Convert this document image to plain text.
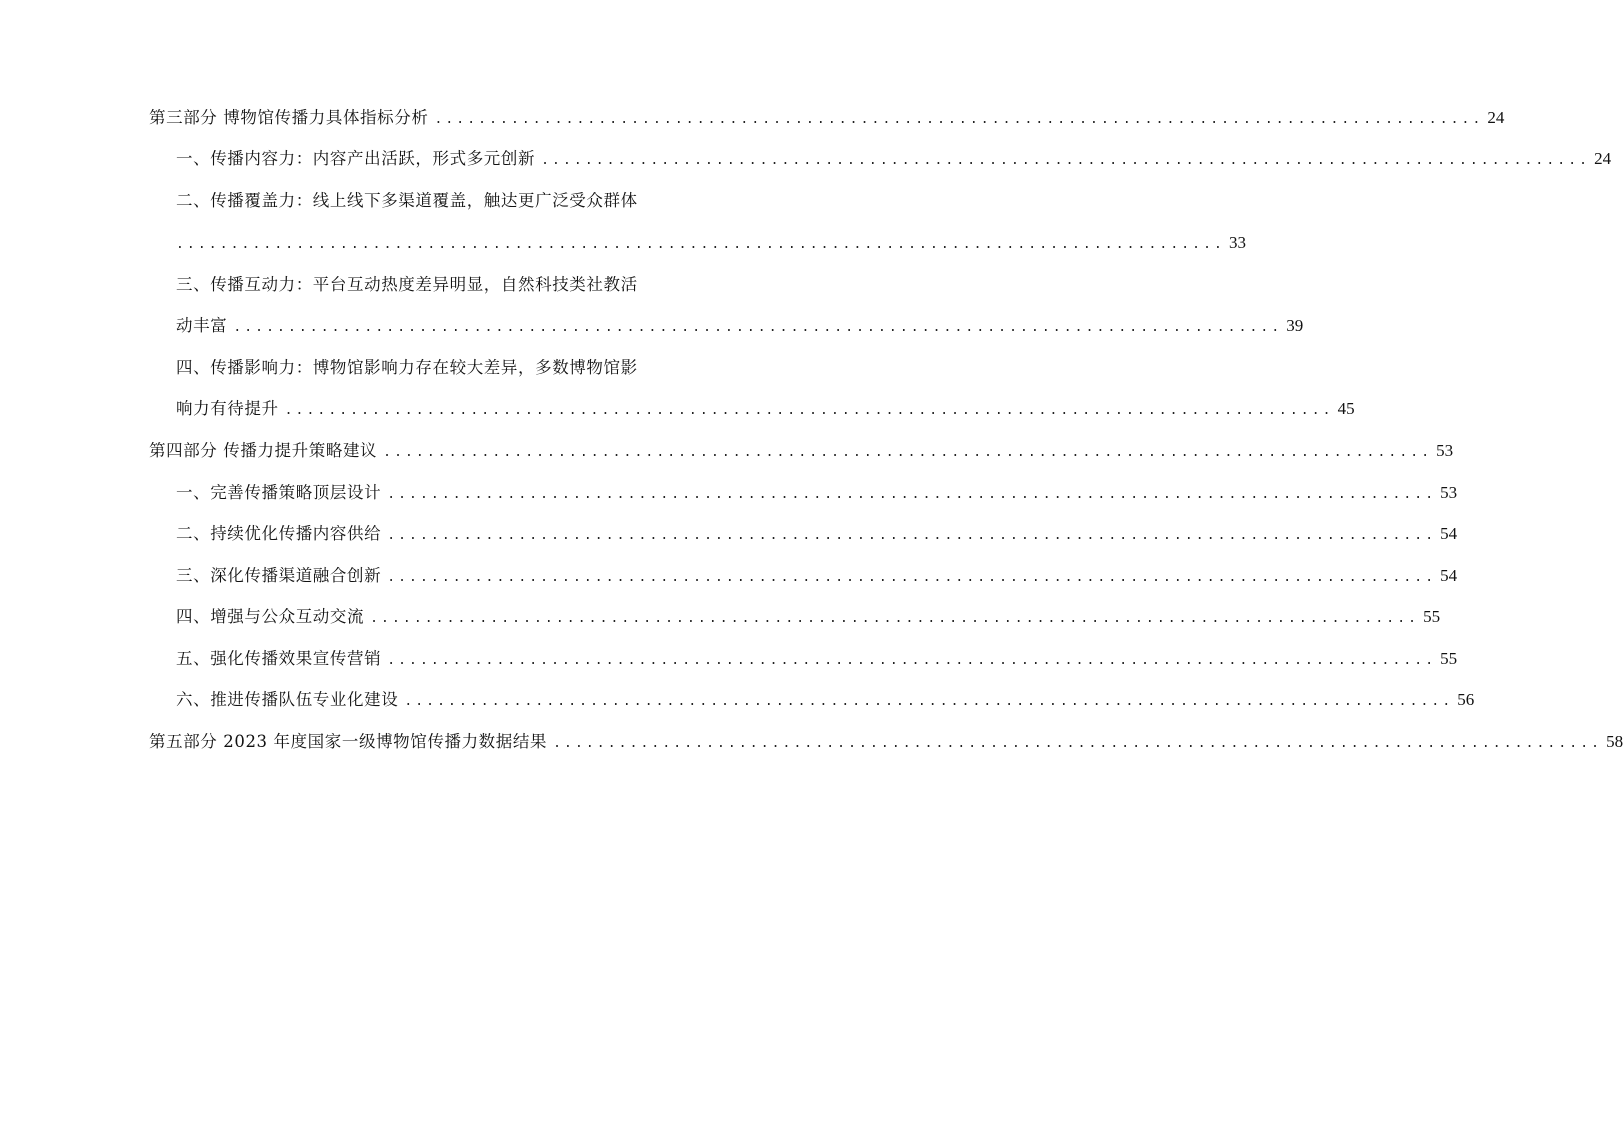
第三部分 博物馆传播力具体指标分析 ................................................................................................ 24
一、传播内容力：内容产出活跃，形式多元创新 ................................................................................................ 24
二、传播覆盖力：线上线下多渠道覆盖，触达更广泛受众群体
................................................................................................ 33
三、传播互动力：平台互动热度差异明显，自然科技类社教活
动丰富 ................................................................................................ 39
四、传播影响力：博物馆影响力存在较大差异，多数博物馆影
响力有待提升 ................................................................................................ 45
第四部分 传播力提升策略建议 ................................................................................................ 53
一、完善传播策略顶层设计 ................................................................................................ 53
二、持续优化传播内容供给 ................................................................................................ 54
三、深化传播渠道融合创新 ................................................................................................ 54
四、增强与公众互动交流 ................................................................................................ 55
五、强化传播效果宣传营销 ................................................................................................ 55
六、推进传播队伍专业化建设 ................................................................................................ 56
第五部分 2023 年度国家一级博物馆传播力数据结果 ................................................................................................ 58
